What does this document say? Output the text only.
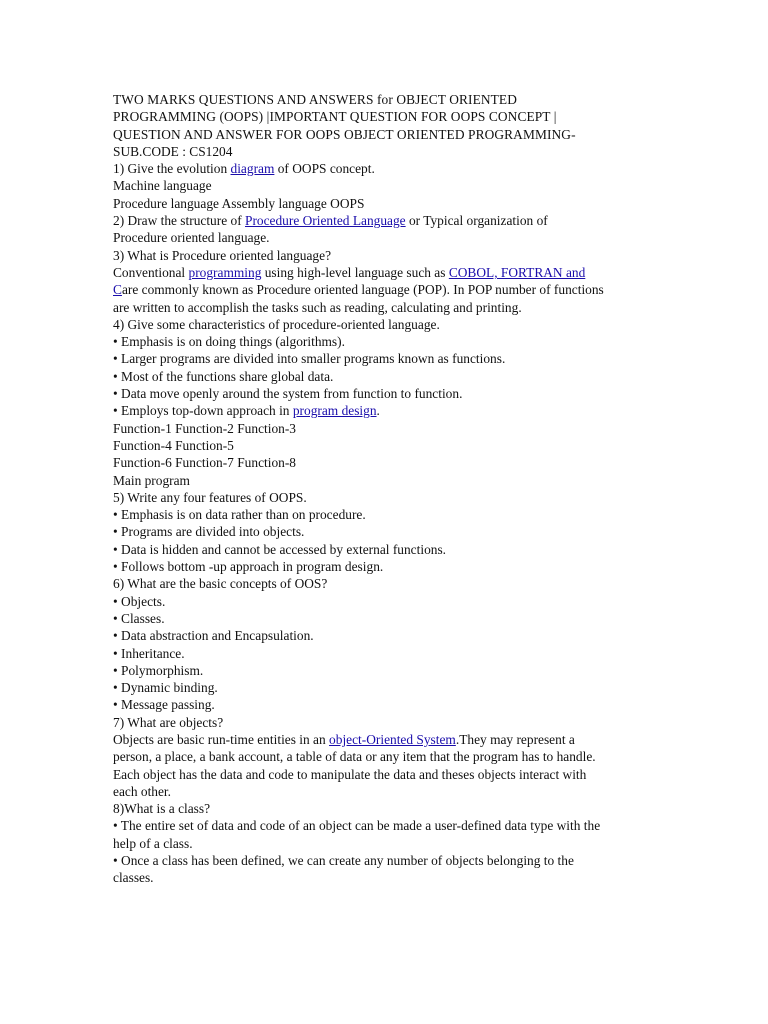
TWO MARKS QUESTIONS AND ANSWERS for OBJECT ORIENTED
PROGRAMMING (OOPS) |IMPORTANT QUESTION FOR OOPS CONCEPT |
QUESTION AND ANSWER FOR OOPS OBJECT ORIENTED PROGRAMMING-
SUB.CODE : CS1204
1) Give the evolution diagram of OOPS concept.
Machine language
Procedure language Assembly language OOPS
2) Draw the structure of Procedure Oriented Language or Typical organization of
Procedure oriented language.
3) What is Procedure oriented language?
Conventional programming using high-level language such as COBOL, FORTRAN and
Care commonly known as Procedure oriented language (POP). In POP number of functions
are written to accomplish the tasks such as reading, calculating and printing.
4) Give some characteristics of procedure-oriented language.
• Emphasis is on doing things (algorithms).
• Larger programs are divided into smaller programs known as functions.
• Most of the functions share global data.
• Data move openly around the system from function to function.
• Employs top-down approach in program design.
Function-1 Function-2 Function-3
Function-4 Function-5
Function-6 Function-7 Function-8
Main program
5) Write any four features of OOPS.
• Emphasis is on data rather than on procedure.
• Programs are divided into objects.
• Data is hidden and cannot be accessed by external functions.
• Follows bottom -up approach in program design.
6) What are the basic concepts of OOS?
• Objects.
• Classes.
• Data abstraction and Encapsulation.
• Inheritance.
• Polymorphism.
• Dynamic binding.
• Message passing.
7) What are objects?
Objects are basic run-time entities in an object-Oriented System.They may represent a
person, a place, a bank account, a table of data or any item that the program has to handle.
Each object has the data and code to manipulate the data and theses objects interact with
each other.
8)What is a class?
• The entire set of data and code of an object can be made a user-defined data type with the
help of a class.
• Once a class has been defined, we can create any number of objects belonging to the
classes.
